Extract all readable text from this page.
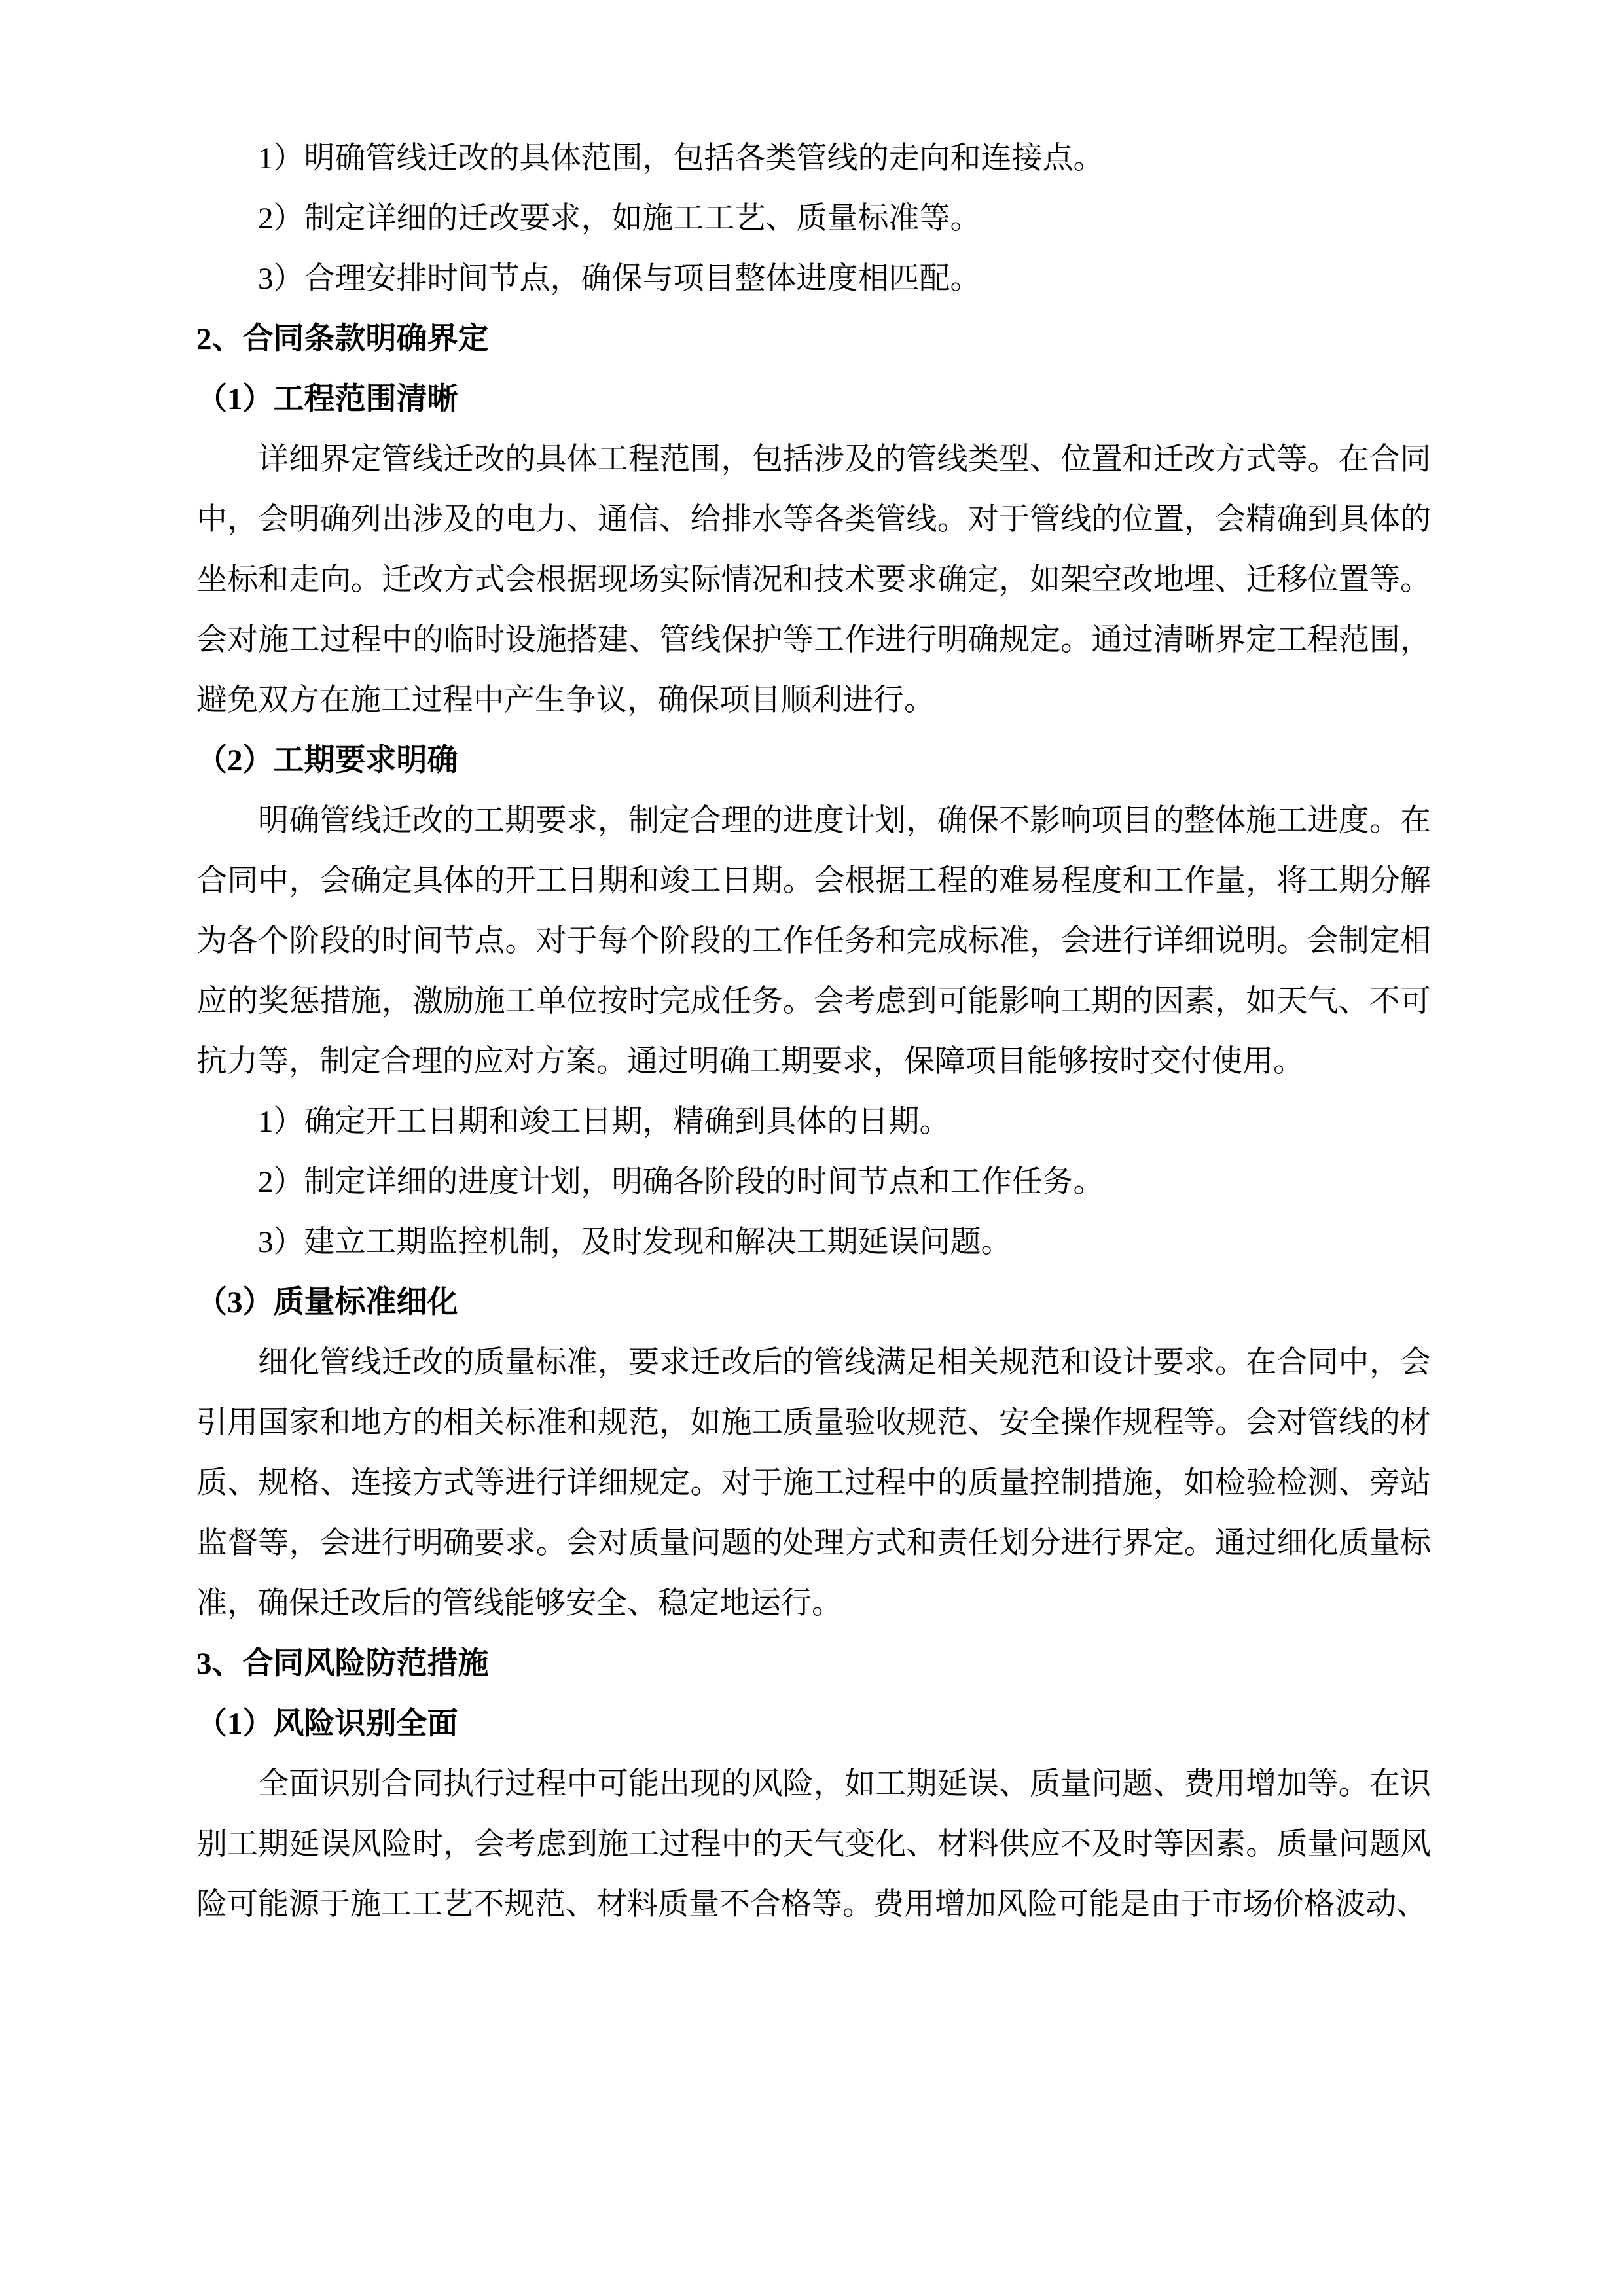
1）明确管线迁改的具体范围，包括各类管线的走向和连接点。
2）制定详细的迁改要求，如施工工艺、质量标准等。
3）合理安排时间节点，确保与项目整体进度相匹配。
2、合同条款明确界定
（1）工程范围清晰
详细界定管线迁改的具体工程范围，包括涉及的管线类型、位置和迁改方式等。在合同中，会明确列出涉及的电力、通信、给排水等各类管线。对于管线的位置，会精确到具体的坐标和走向。迁改方式会根据现场实际情况和技术要求确定，如架空改地埋、迁移位置等。会对施工过程中的临时设施搭建、管线保护等工作进行明确规定。通过清晰界定工程范围，避免双方在施工过程中产生争议，确保项目顺利进行。
（2）工期要求明确
明确管线迁改的工期要求，制定合理的进度计划，确保不影响项目的整体施工进度。在合同中，会确定具体的开工日期和竣工日期。会根据工程的难易程度和工作量，将工期分解为各个阶段的时间节点。对于每个阶段的工作任务和完成标准，会进行详细说明。会制定相应的奖惩措施，激励施工单位按时完成任务。会考虑到可能影响工期的因素，如天气、不可抗力等，制定合理的应对方案。通过明确工期要求，保障项目能够按时交付使用。
1）确定开工日期和竣工日期，精确到具体的日期。
2）制定详细的进度计划，明确各阶段的时间节点和工作任务。
3）建立工期监控机制，及时发现和解决工期延误问题。
（3）质量标准细化
细化管线迁改的质量标准，要求迁改后的管线满足相关规范和设计要求。在合同中，会引用国家和地方的相关标准和规范，如施工质量验收规范、安全操作规程等。会对管线的材质、规格、连接方式等进行详细规定。对于施工过程中的质量控制措施，如检验检测、旁站监督等，会进行明确要求。会对质量问题的处理方式和责任划分进行界定。通过细化质量标准，确保迁改后的管线能够安全、稳定地运行。
3、合同风险防范措施
（1）风险识别全面
全面识别合同执行过程中可能出现的风险，如工期延误、质量问题、费用增加等。在识别工期延误风险时，会考虑到施工过程中的天气变化、材料供应不及时等因素。质量问题风险可能源于施工工艺不规范、材料质量不合格等。费用增加风险可能是由于市场价格波动、
